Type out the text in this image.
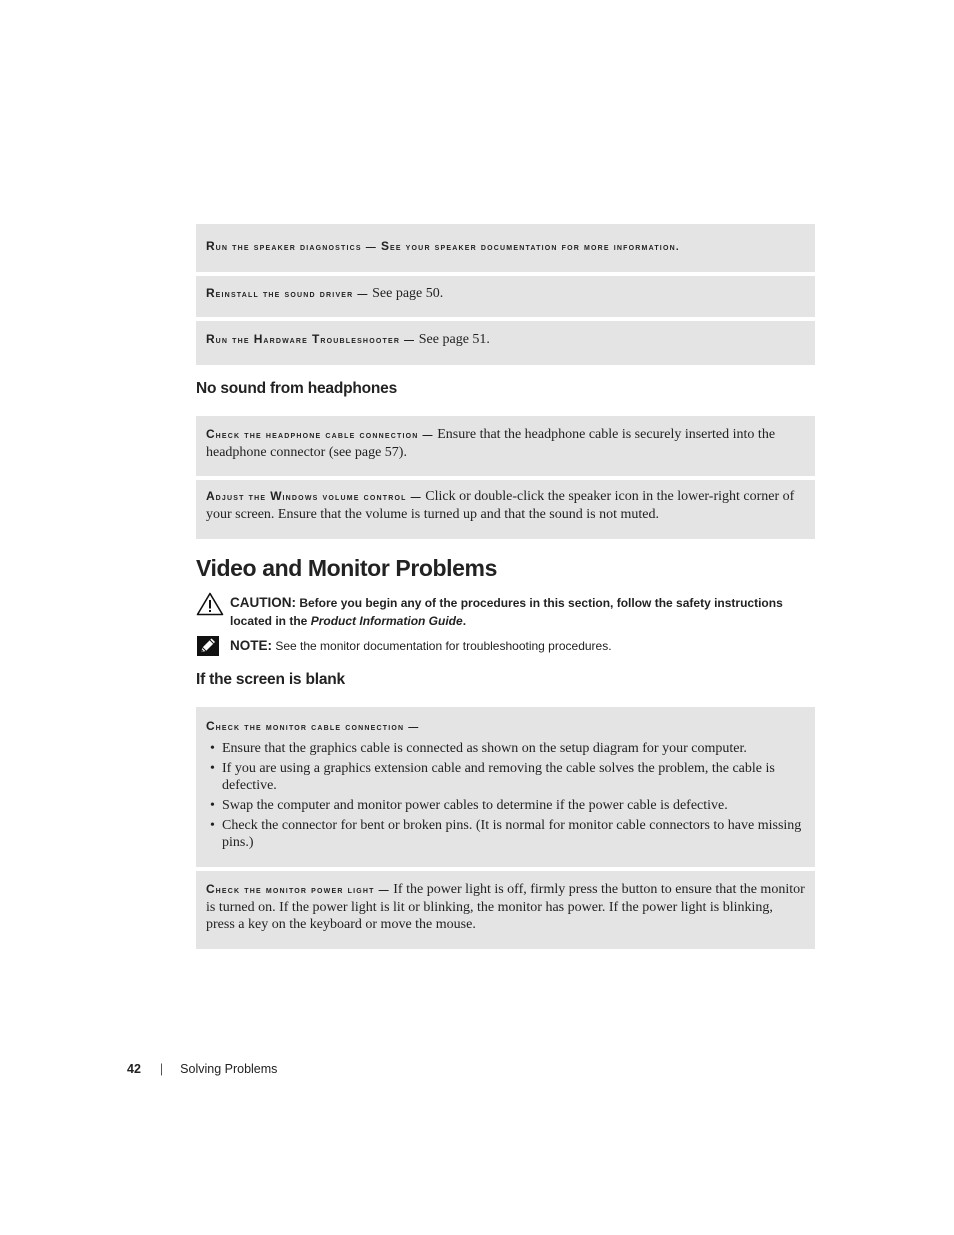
Run the speaker diagnostics — See your speaker documentation for more information.
Reinstall the sound driver — See page 50.
Run the Hardware Troubleshooter — See page 51.
No sound from headphones
Check the headphone cable connection — Ensure that the headphone cable is securely inserted into the headphone connector (see page 57).
Adjust the Windows volume control — Click or double-click the speaker icon in the lower-right corner of your screen. Ensure that the volume is turned up and that the sound is not muted.
Video and Monitor Problems
CAUTION: Before you begin any of the procedures in this section, follow the safety instructions located in the Product Information Guide.
NOTE: See the monitor documentation for troubleshooting procedures.
If the screen is blank
Check the monitor cable connection —
• Ensure that the graphics cable is connected as shown on the setup diagram for your computer.
• If you are using a graphics extension cable and removing the cable solves the problem, the cable is defective.
• Swap the computer and monitor power cables to determine if the power cable is defective.
• Check the connector for bent or broken pins. (It is normal for monitor cable connectors to have missing pins.)
Check the monitor power light — If the power light is off, firmly press the button to ensure that the monitor is turned on. If the power light is lit or blinking, the monitor has power. If the power light is blinking, press a key on the keyboard or move the mouse.
42 | Solving Problems
